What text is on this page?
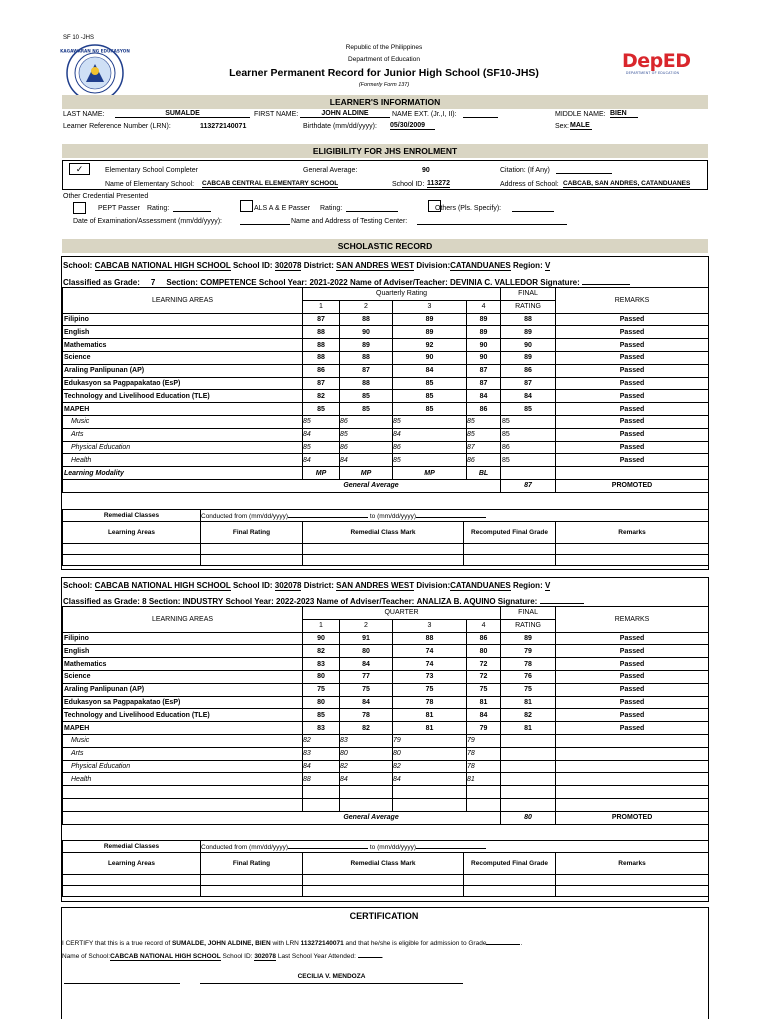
SF 10 -JHS
KAGAWARAN NG EDUKASYON	Republic of the Philippines
Department of Education
Learner Permanent Record for Junior High School (SF10-JHS)
(Formerly Form 137)
DepED
DEPARTMENT OF EDUCATION
LEARNER'S INFORMATION
LAST NAME:	SUMALDE	FIRST NAME:	JOHN ALDINE	NAME EXT. (Jr.,I, II):	MIDDLE NAME: BIEN
Learner Reference Number (LRN):	113272140071	Birthdate (mm/dd/yyyy): 05/30/2009	Sex: MALE
ELIGIBILITY FOR JHS ENROLMENT
✓	Elementary School Completer	General Average:	90	Citation: (If Any)
Name of Elementary School: CABCAB CENTRAL ELEMENTARY SCHOOL	School ID: 113272	Address of School: CABCAB, SAN ANDRES, CATANDUANES
Other Credential Presented
PEPT Passer Rating:	ALS A & E Passer Rating:	Others (Pls. Specify):
Date of Examination/Assessment (mm/dd/yyyy):	Name and Address of Testing Center:
SCHOLASTIC RECORD
School: CABCAB NATIONAL HIGH SCHOOL School ID: 302078 District: SAN ANDRES WEST Division:CATANDUANES Region: V
Classified as Grade: 7 Section: COMPETENCE School Year: 2021-2022 Name of Adviser/Teacher: DEVINIA C. VALLEDOR Signature:
LEARNING AREAS	Quarterly Rating				FINAL	REMARKS
	1	2	3	4	RATING	
Filipino	87	88	89	89	88	Passed
English	88	90	89	89	89	Passed
Mathematics	88	89	92	90	90	Passed
Science	88	88	90	90	89	Passed
Araling Panlipunan (AP)	86	87	84	87	86	Passed
Edukasyon sa Pagpapakatao (EsP)	87	88	85	87	87	Passed
Technology and Livelihood Education (TLE)	82	85	85	84	84	Passed
MAPEH	85	85	85	86	85	Passed
Music	85	86	85	85	85	Passed
Arts	84	85	84	85	85	Passed
Physical Education	85	86	86	87	86	Passed
Health	84	84	85	86	85	Passed
Learning Modality	MP	MP	MP	BL		
General Average					87	PROMOTED
Remedial Classes	Conducted from (mm/dd/yyyy) to (mm/dd/yyyy)			
Learning Areas	Final Rating	Remedial Class Mark	Recomputed Final Grade	Remarks

School: CABCAB NATIONAL HIGH SCHOOL School ID: 302078 District: SAN ANDRES WEST Division:CATANDUANES Region: V
Classified as Grade: 8 Section: INDUSTRY School Year: 2022-2023 Name of Adviser/Teacher: ANALIZA B. AQUINO Signature:
LEARNING AREAS	QUARTER				FINAL	REMARKS
	1	2	3	4	RATING	
Filipino	90	91	88	86	89	Passed
English	82	80	74	80	79	Passed
Mathematics	83	84	74	72	78	Passed
Science	80	77	73	72	76	Passed
Araling Panlipunan (AP)	75	75	75	75	75	Passed
Edukasyon sa Pagpapakatao (EsP)	80	84	78	81	81	Passed
Technology and Livelihood Education (TLE)	85	78	81	84	82	Passed
MAPEH	83	82	81	79	81	Passed
Music	82	83	79	79		
Arts	83	80	80	78		
Physical Education	84	82	82	78		
Health	88	84	84	81		

General Average					80	PROMOTED
Remedial Classes	Conducted from (mm/dd/yyyy) to (mm/dd/yyyy)			
Learning Areas	Final Rating	Remedial Class Mark	Recomputed Final Grade	Remarks

CERTIFICATION
I CERTIFY that this is a true record of SUMALDE, JOHN ALDINE, BIEN with LRN 113272140071 and that he/she is eligible for admission to Grade	.
Name of School:CABCAB NATIONAL HIGH SCHOOL School ID: 302078 Last School Year Attended:	.
CECILIA V. MENDOZA
